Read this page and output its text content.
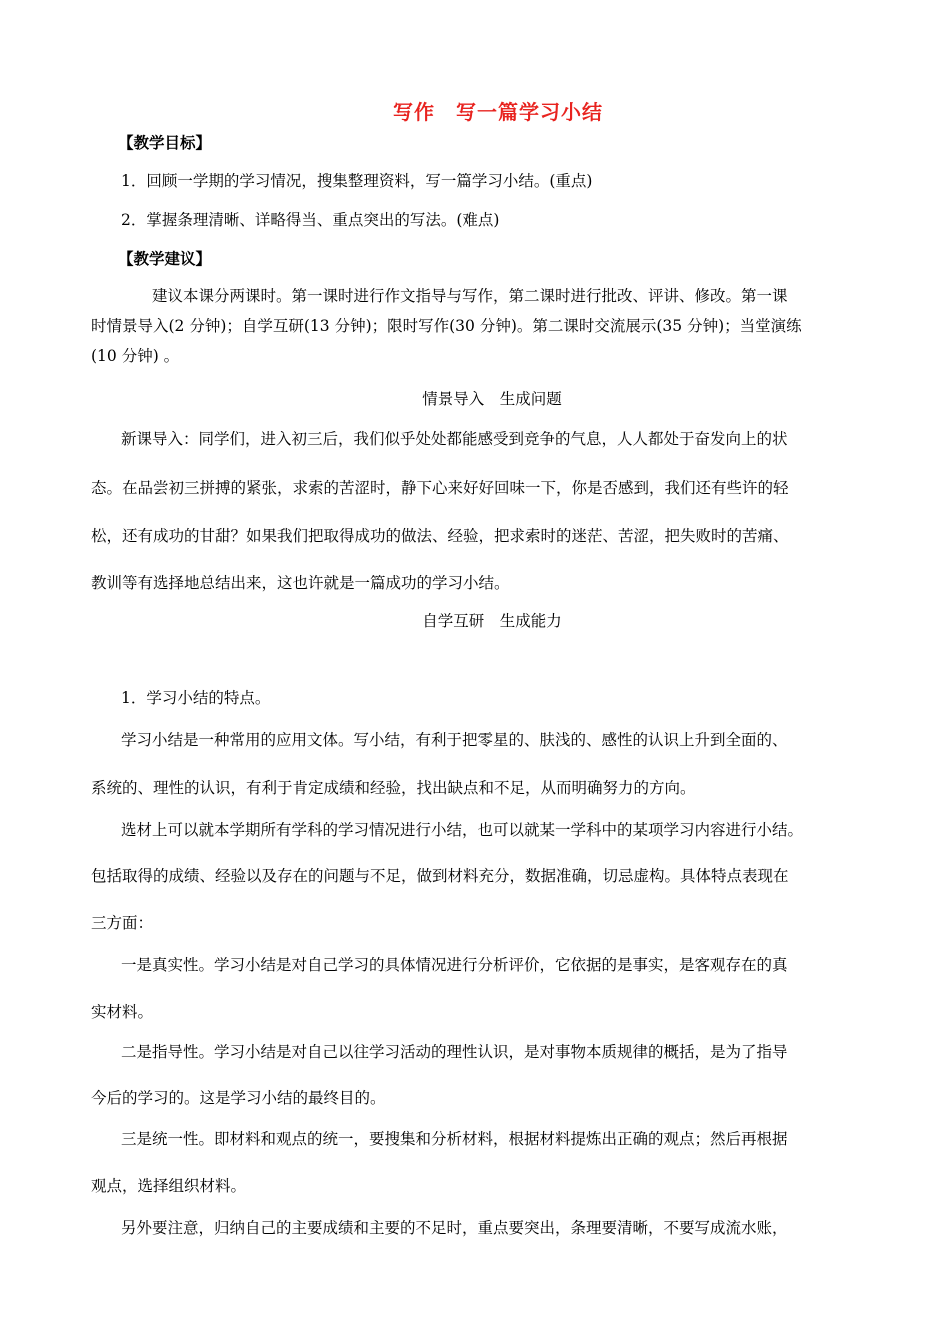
写作　写一篇学习小结
【教学目标】
1．回顾一学期的学习情况，搜集整理资料，写一篇学习小结。(重点)
2．掌握条理清晰、详略得当、重点突出的写法。(难点)
【教学建议】
建议本课分两课时。第一课时进行作文指导与写作，第二课时进行批改、评讲、修改。第一课
时情景导入(2 分钟)；自学互研(13 分钟)；限时写作(30 分钟)。第二课时交流展示(35 分钟)；当堂演练
(10 分钟) 。
情景导入　生成问题
新课导入：同学们，进入初三后，我们似乎处处都能感受到竞争的气息，人人都处于奋发向上的状
态。在品尝初三拼搏的紧张，求索的苦涩时，静下心来好好回味一下，你是否感到，我们还有些许的轻
松，还有成功的甘甜？如果我们把取得成功的做法、经验，把求索时的迷茫、苦涩，把失败时的苦痛、
教训等有选择地总结出来，这也许就是一篇成功的学习小结。
自学互研　生成能力
1．学习小结的特点。
学习小结是一种常用的应用文体。写小结，有利于把零星的、肤浅的、感性的认识上升到全面的、
系统的、理性的认识，有利于肯定成绩和经验，找出缺点和不足，从而明确努力的方向。
选材上可以就本学期所有学科的学习情况进行小结，也可以就某一学科中的某项学习内容进行小结。
包括取得的成绩、经验以及存在的问题与不足，做到材料充分，数据准确，切忌虚构。具体特点表现在
三方面：
一是真实性。学习小结是对自己学习的具体情况进行分析评价，它依据的是事实，是客观存在的真
实材料。
二是指导性。学习小结是对自己以往学习活动的理性认识，是对事物本质规律的概括，是为了指导
今后的学习的。这是学习小结的最终目的。
三是统一性。即材料和观点的统一，要搜集和分析材料，根据材料提炼出正确的观点；然后再根据
观点，选择组织材料。
另外要注意，归纳自己的主要成绩和主要的不足时，重点要突出，条理要清晰，不要写成流水账，
